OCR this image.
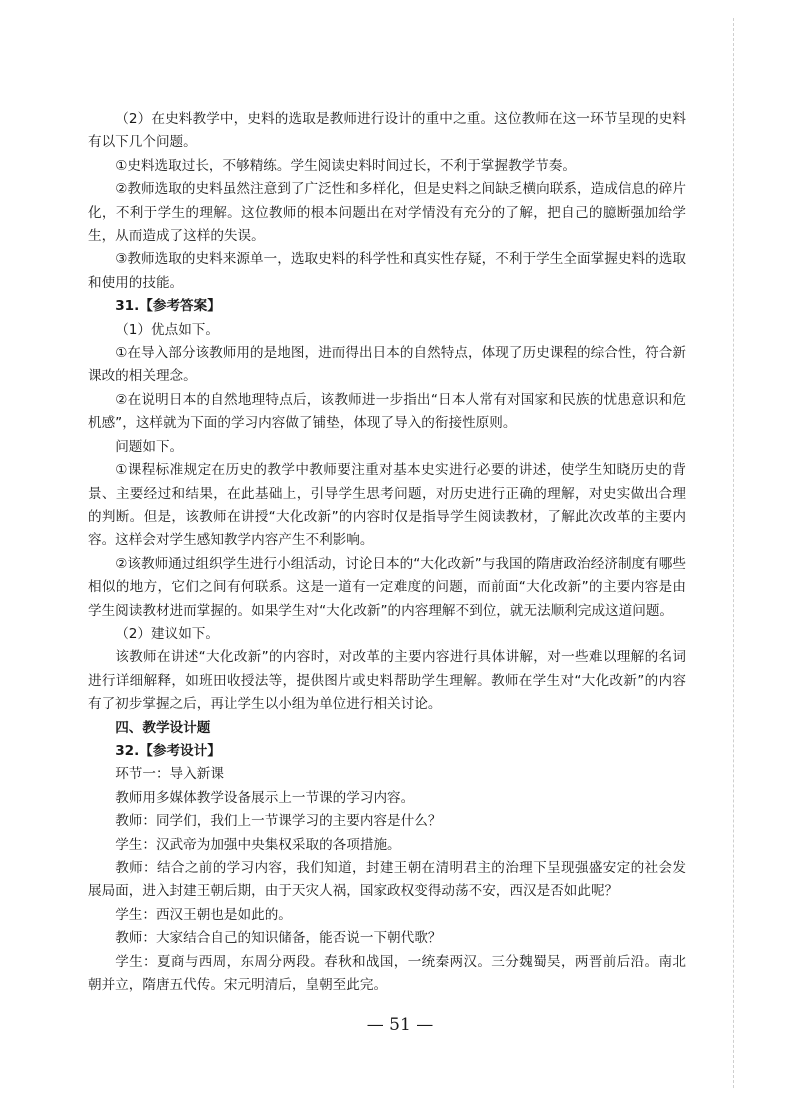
（2）在史料教学中，史料的选取是教师进行设计的重中之重。这位教师在这一环节呈现的史料有以下几个问题。

①史料选取过长，不够精练。学生阅读史料时间过长，不利于掌握教学节奏。

②教师选取的史料虽然注意到了广泛性和多样化，但是史料之间缺乏横向联系，造成信息的碎片化，不利于学生的理解。这位教师的根本问题出在对学情没有充分的了解，把自己的臆断强加给学生，从而造成了这样的失误。

③教师选取的史料来源单一，选取史料的科学性和真实性存疑，不利于学生全面掌握史料的选取和使用的技能。

31.【参考答案】

（1）优点如下。

①在导入部分该教师用的是地图，进而得出日本的自然特点，体现了历史课程的综合性，符合新课改的相关理念。

②在说明日本的自然地理特点后，该教师进一步指出“日本人常有对国家和民族的忧患意识和危机感”，这样就为下面的学习内容做了铺垫，体现了导入的衔接性原则。

问题如下。

①课程标准规定在历史的教学中教师要注重对基本史实进行必要的讲述，使学生知晓历史的背景、主要经过和结果，在此基础上，引导学生思考问题，对历史进行正确的理解，对史实做出合理的判断。但是，该教师在讲授“大化改新”的内容时仅是指导学生阅读教材，了解此次改革的主要内容。这样会对学生感知教学内容产生不利影响。

②该教师通过组织学生进行小组活动，讨论日本的“大化改新”与我国的隋唐政治经济制度有哪些相似的地方，它们之间有何联系。这是一道有一定难度的问题，而前面“大化改新”的主要内容是由学生阅读教材进而掌握的。如果学生对“大化改新”的内容理解不到位，就无法顺利完成这道问题。

（2）建议如下。

该教师在讲述“大化改新”的内容时，对改革的主要内容进行具体讲解，对一些难以理解的名词进行详细解释，如班田收授法等，提供图片或史料帮助学生理解。教师在学生对“大化改新”的内容有了初步掌握之后，再让学生以小组为单位进行相关讨论。

四、教学设计题

32.【参考设计】

环节一：导入新课

教师用多媒体教学设备展示上一节课的学习内容。

教师：同学们，我们上一节课学习的主要内容是什么？

学生：汉武帝为加强中央集权采取的各项措施。

教师：结合之前的学习内容，我们知道，封建王朝在清明君主的治理下呈现强盛安定的社会发展局面，进入封建王朝后期，由于天灾人祸，国家政权变得动荡不安，西汉是否如此呢？

学生：西汉王朝也是如此的。

教师：大家结合自己的知识储备，能否说一下朝代歌？

学生：夏商与西周，东周分两段。春秋和战国，一统秦两汉。三分魏蜀吴，两晋前后沿。南北朝并立，隋唐五代传。宋元明清后，皇朝至此完。

— 51 —
